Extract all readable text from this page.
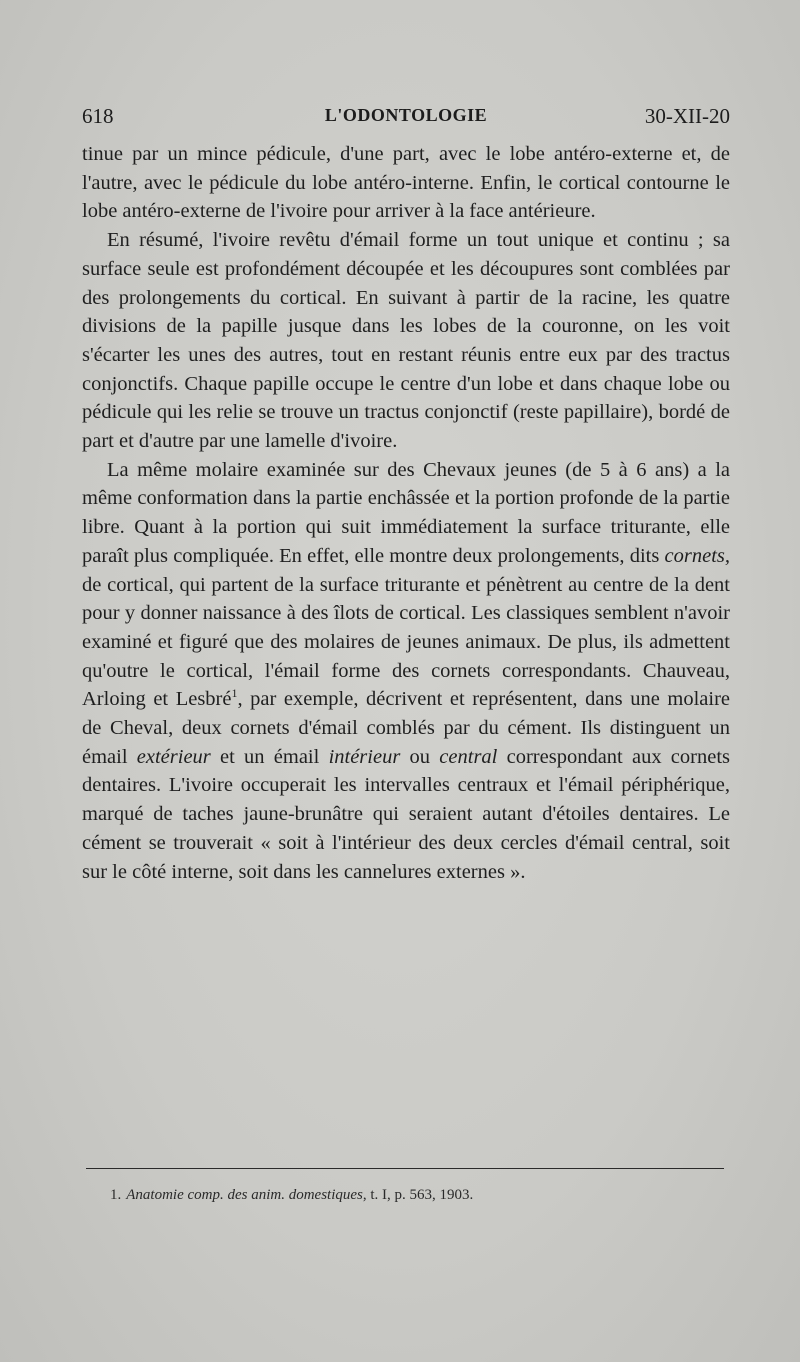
618	L'ODONTOLOGIE	30-XII-20

tinue par un mince pédicule, d'une part, avec le lobe antéro-externe et, de l'autre, avec le pédicule du lobe antéro-interne. Enfin, le cortical contourne le lobe antéro-externe de l'ivoire pour arriver à la face antérieure.

En résumé, l'ivoire revêtu d'émail forme un tout unique et continu ; sa surface seule est profondément découpée et les découpures sont comblées par des prolongements du cortical. En suivant à partir de la racine, les quatre divisions de la papille jusque dans les lobes de la couronne, on les voit s'écarter les unes des autres, tout en restant réunis entre eux par des tractus conjonctifs. Chaque papille occupe le centre d'un lobe et dans chaque lobe ou pédicule qui les relie se trouve un tractus conjonctif (reste papillaire), bordé de part et d'autre par une lamelle d'ivoire.

La même molaire examinée sur des Chevaux jeunes (de 5 à 6 ans) a la même conformation dans la partie enchâssée et la portion profonde de la partie libre. Quant à la portion qui suit immédiatement la surface triturante, elle paraît plus compliquée. En effet, elle montre deux prolongements, dits cornets, de cortical, qui partent de la surface triturante et pénètrent au centre de la dent pour y donner naissance à des îlots de cortical. Les classiques semblent n'avoir examiné et figuré que des molaires de jeunes animaux. De plus, ils admettent qu'outre le cortical, l'émail forme des cornets correspondants. Chauveau, Arloing et Lesbré$^1$, par exemple, décrivent et représentent, dans une molaire de Cheval, deux cornets d'émail comblés par du cément. Ils distinguent un émail extérieur et un émail intérieur ou central correspondant aux cornets dentaires. L'ivoire occuperait les intervalles centraux et l'émail périphérique, marqué de taches jaune-brunâtre qui seraient autant d'étoiles dentaires. Le cément se trouverait « soit à l'intérieur des deux cercles d'émail central, soit sur le côté interne, soit dans les cannelures externes ».

1. Anatomie comp. des anim. domestiques, t. I, p. 563, 1903.
